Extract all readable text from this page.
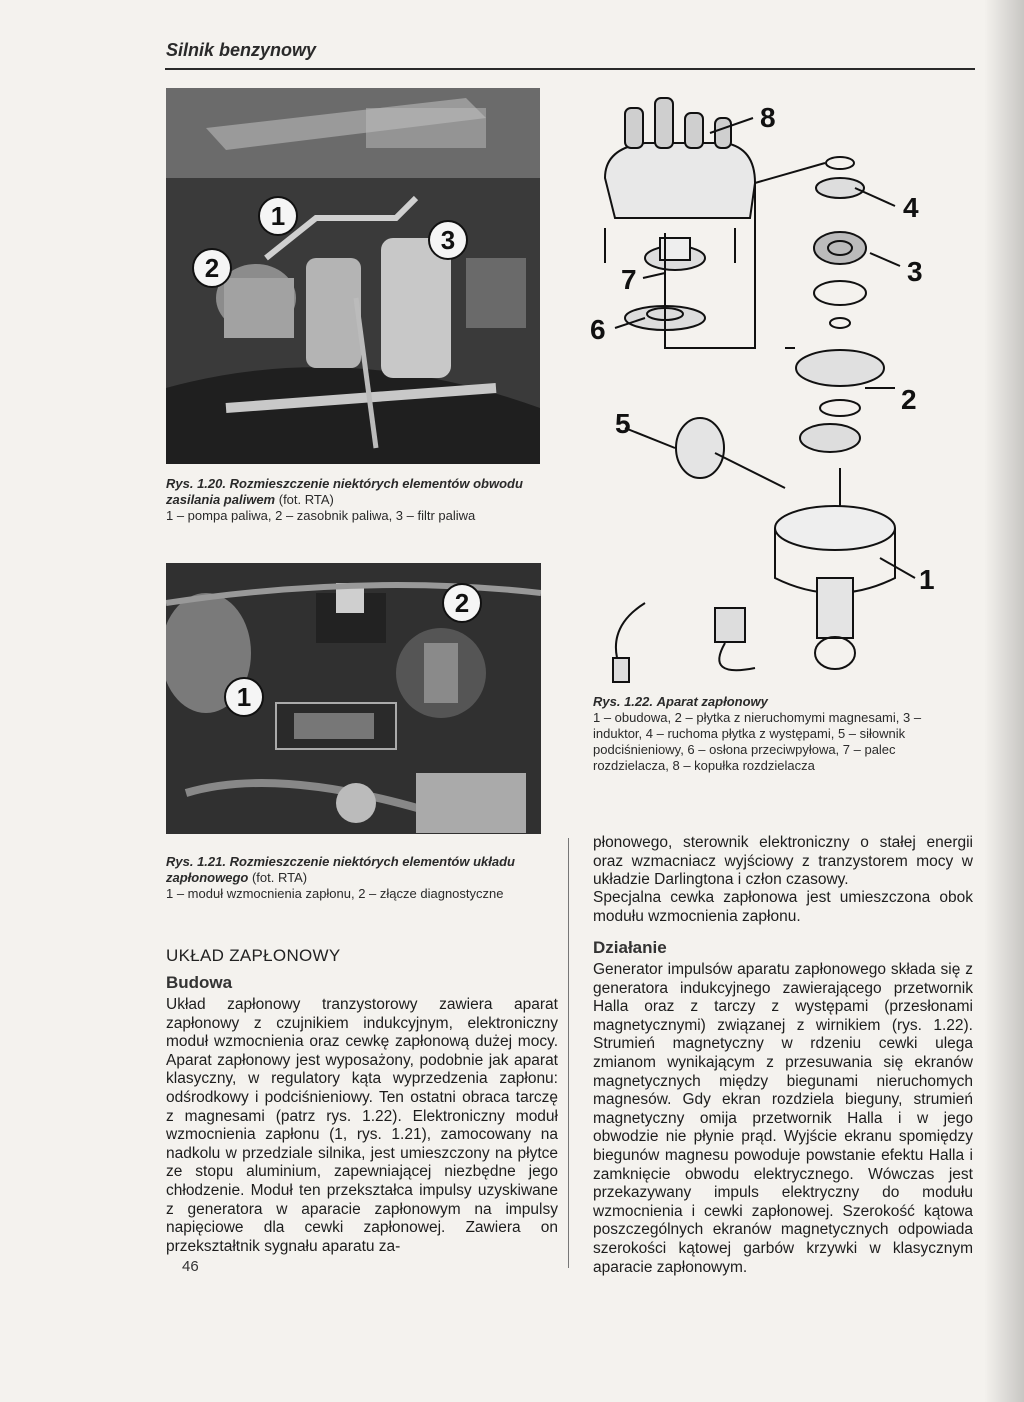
Silnik benzynowy
1
2
3
Rys. 1.20. Rozmieszczenie niektórych elementów obwodu zasilania paliwem (fot. RTA)
1 – pompa paliwa, 2 – zasobnik paliwa, 3 – filtr paliwa
1
2
Rys. 1.21. Rozmieszczenie niektórych elementów układu zapłonowego (fot. RTA)
1 – moduł wzmocnienia zapłonu, 2 – złącze diagnostyczne
8
4
3
7
6
2
5
1
Rys. 1.22. Aparat zapłonowy
1 – obudowa, 2 – płytka z nieruchomymi magnesami, 3 – induktor, 4 – ruchoma płytka z występami, 5 – siłownik podciśnieniowy, 6 – osłona przeciwpyłowa, 7 – palec rozdzielacza, 8 – kopułka rozdzielacza
UKŁAD ZAPŁONOWY
Budowa
Układ zapłonowy tranzystorowy zawiera aparat zapłonowy z czujnikiem indukcyjnym, elektroniczny moduł wzmocnienia oraz cewkę zapłonową dużej mocy. Aparat zapłonowy jest wyposażony, podobnie jak aparat klasyczny, w regulatory kąta wyprzedzenia zapłonu: odśrodkowy i podciśnieniowy. Ten ostatni obraca tarczę z magnesami (patrz rys. 1.22). Elektroniczny moduł wzmocnienia zapłonu (1, rys. 1.21), zamocowany na nadkolu w przedziale silnika, jest umieszczony na płytce ze stopu aluminium, zapewniającej niezbędne jego chłodzenie. Moduł ten przekształca impulsy uzyskiwane z generatora w aparacie zapłonowym na impulsy napięciowe dla cewki zapłonowej. Zawiera on przekształtnik sygnału aparatu za-
płonowego, sterownik elektroniczny o stałej energii oraz wzmacniacz wyjściowy z tranzystorem mocy w układzie Darlingtona i człon czasowy.
Specjalna cewka zapłonowa jest umieszczona obok modułu wzmocnienia zapłonu.
Działanie
Generator impulsów aparatu zapłonowego składa się z generatora indukcyjnego zawierającego przetwornik Halla oraz z tarczy z występami (przesłonami magnetycznymi) związanej z wirnikiem (rys. 1.22). Strumień magnetyczny w rdzeniu cewki ulega zmianom wynikającym z przesuwania się ekranów magnetycznych między biegunami nieruchomych magnesów. Gdy ekran rozdziela bieguny, strumień magnetyczny omija przetwornik Halla i w jego obwodzie nie płynie prąd. Wyjście ekranu spomiędzy biegunów magnesu powoduje powstanie efektu Halla i zamknięcie obwodu elektrycznego. Wówczas jest przekazywany impuls elektryczny do modułu wzmocnienia i cewki zapłonowej. Szerokość kątowa poszczególnych ekranów magnetycznych odpowiada szerokości kątowej garbów krzywki w klasycznym aparacie zapłonowym.
46
